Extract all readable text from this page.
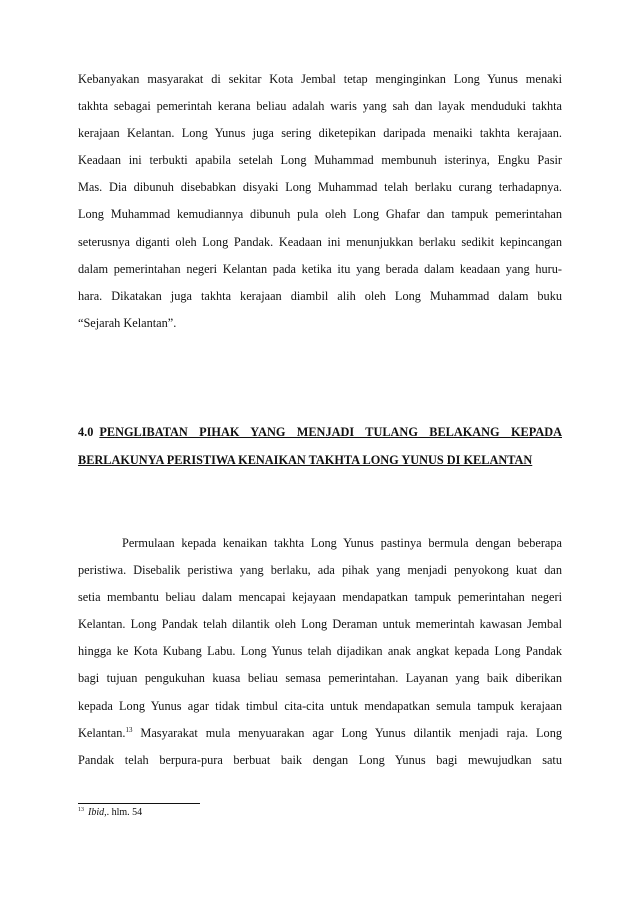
Kebanyakan masyarakat di sekitar Kota Jembal tetap menginginkan Long Yunus menaki
takhta sebagai pemerintah kerana beliau adalah waris yang sah dan layak menduduki takhta
kerajaan Kelantan. Long Yunus juga sering diketepikan daripada menaiki takhta kerajaan.
Keadaan ini terbukti apabila setelah Long Muhammad membunuh isterinya, Engku Pasir
Mas. Dia dibunuh disebabkan disyaki Long Muhammad telah berlaku curang terhadapnya.
Long Muhammad kemudiannya dibunuh pula oleh Long Ghafar dan tampuk pemerintahan
seterusnya diganti oleh Long Pandak. Keadaan ini menunjukkan berlaku sedikit kepincangan
dalam pemerintahan negeri Kelantan pada ketika itu yang berada dalam keadaan yang huru-
hara. Dikatakan juga takhta kerajaan diambil alih oleh Long Muhammad dalam buku
“Sejarah Kelantan”.
4.0 PENGLIBATAN PIHAK YANG MENJADI TULANG BELAKANG KEPADA
BERLAKUNYA PERISTIWA KENAIKAN TAKHTA LONG YUNUS DI KELANTAN
Permulaan kepada kenaikan takhta Long Yunus pastinya bermula dengan beberapa
peristiwa. Disebalik peristiwa yang berlaku, ada pihak yang menjadi penyokong kuat dan
setia membantu beliau dalam mencapai kejayaan mendapatkan tampuk pemerintahan negeri
Kelantan. Long Pandak telah dilantik oleh Long Deraman untuk memerintah kawasan Jembal
hingga ke Kota Kubang Labu. Long Yunus telah dijadikan anak angkat kepada Long Pandak
bagi tujuan pengukuhan kuasa beliau semasa pemerintahan. Layanan yang baik diberikan
kepada Long Yunus agar tidak timbul cita-cita untuk mendapatkan semula tampuk kerajaan
Kelantan.$^{13}$ Masyarakat mula menyuarakan agar Long Yunus dilantik menjadi raja. Long
Pandak telah berpura-pura berbuat baik dengan Long Yunus bagi mewujudkan satu
$^{13}$ Ibid,. hlm. 54
